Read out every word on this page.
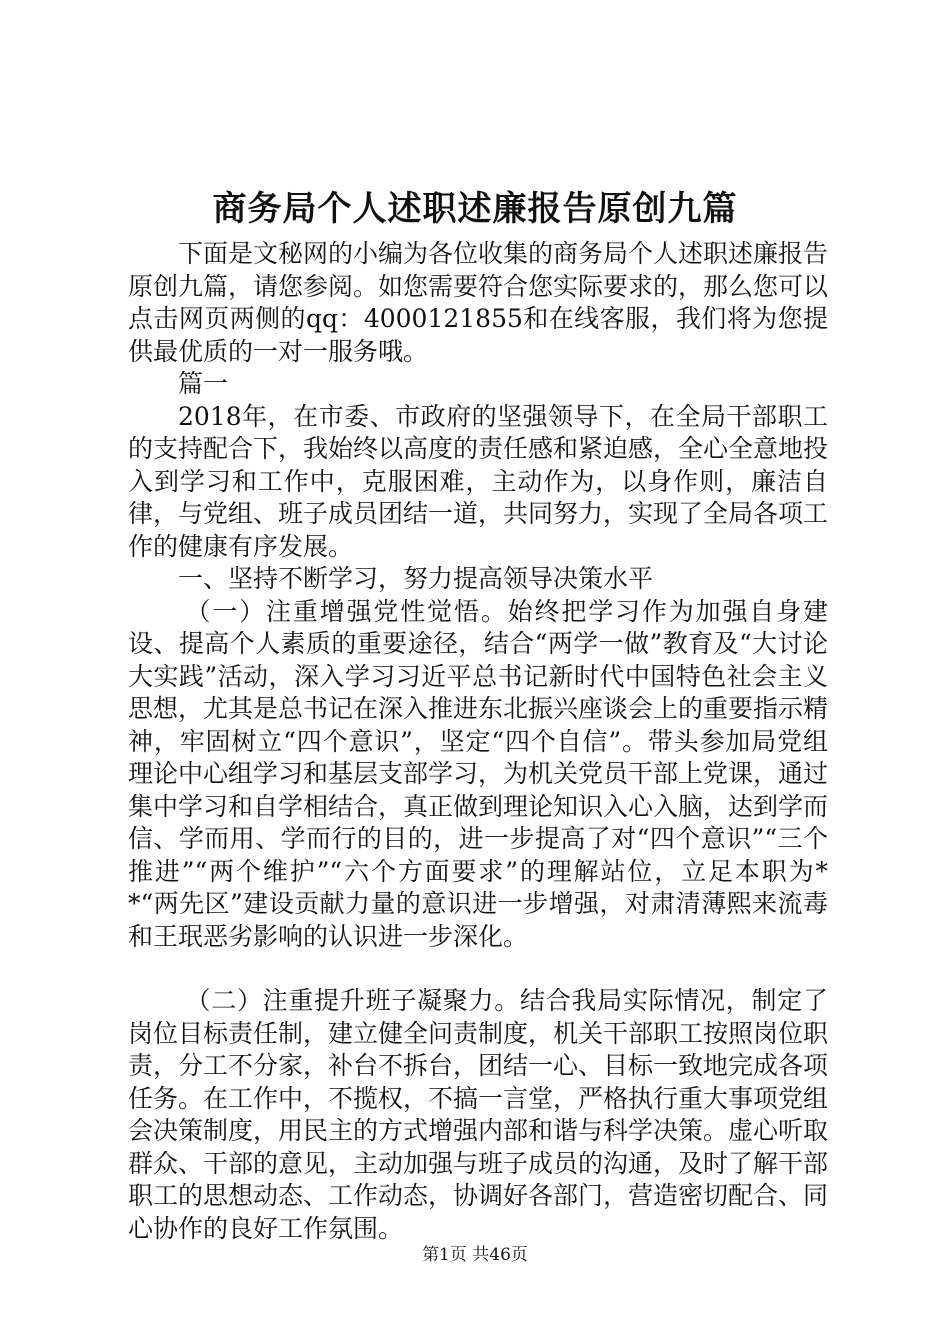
商务局个人述职述廉报告原创九篇

下面是文秘网的小编为各位收集的商务局个人述职述廉报告原创九篇，请您参阅。如您需要符合您实际要求的，那么您可以点击网页两侧的qq：4000121855和在线客服，我们将为您提供最优质的一对一服务哦。

篇一

2018年，在市委、市政府的坚强领导下，在全局干部职工的支持配合下，我始终以高度的责任感和紧迫感，全心全意地投入到学习和工作中，克服困难，主动作为，以身作则，廉洁自律，与党组、班子成员团结一道，共同努力，实现了全局各项工作的健康有序发展。

一、坚持不断学习，努力提高领导决策水平

（一）注重增强党性觉悟。始终把学习作为加强自身建设、提高个人素质的重要途径，结合“两学一做”教育及“大讨论大实践”活动，深入学习习近平总书记新时代中国特色社会主义思想，尤其是总书记在深入推进东北振兴座谈会上的重要指示精神，牢固树立“四个意识”，坚定“四个自信”。带头参加局党组理论中心组学习和基层支部学习，为机关党员干部上党课，通过集中学习和自学相结合，真正做到理论知识入心入脑，达到学而信、学而用、学而行的目的，进一步提高了对“四个意识”“三个推进”“两个维护”“六个方面要求”的理解站位，立足本职为**“两先区”建设贡献力量的意识进一步增强，对肃清薄熙来流毒和王珉恶劣影响的认识进一步深化。

（二）注重提升班子凝聚力。结合我局实际情况，制定了岗位目标责任制，建立健全问责制度，机关干部职工按照岗位职责，分工不分家，补台不拆台，团结一心、目标一致地完成各项任务。在工作中，不揽权，不搞一言堂，严格执行重大事项党组会决策制度，用民主的方式增强内部和谐与科学决策。虚心听取群众、干部的意见，主动加强与班子成员的沟通，及时了解干部职工的思想动态、工作动态，协调好各部门，营造密切配合、同心协作的良好工作氛围。

第1页 共46页
